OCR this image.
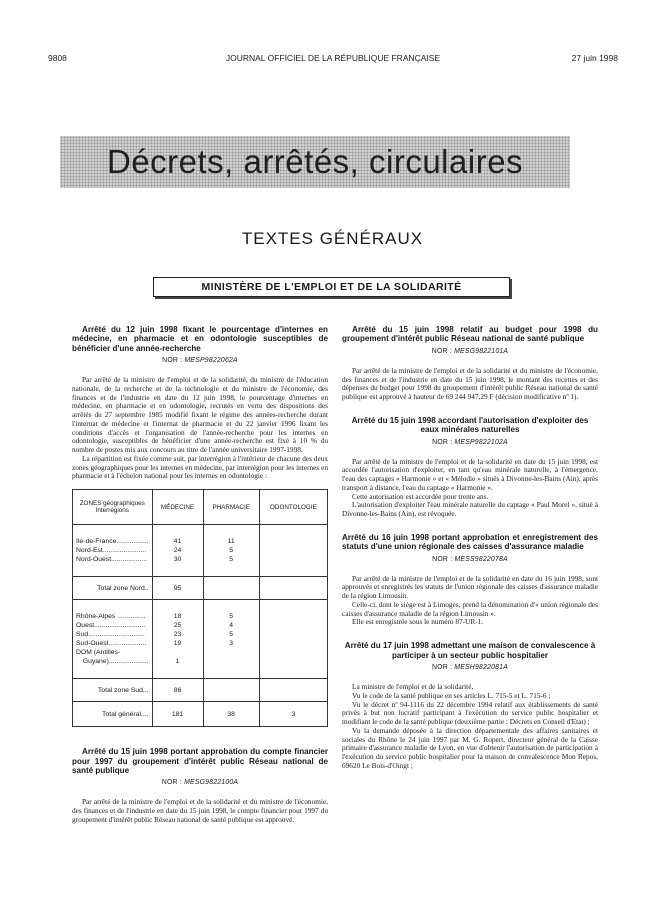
9808	JOURNAL OFFICIEL DE LA RÉPUBLIQUE FRANÇAISE	27 juin 1998
Décrets, arrêtés, circulaires
TEXTES GÉNÉRAUX
MINISTÈRE DE L'EMPLOI ET DE LA SOLIDARITÉ

Arrêté du 12 juin 1998 fixant le pourcentage d'internes en médecine, en pharmacie et en odontologie susceptibles de bénéficier d'une année-recherche

NOR : MESP9822062A

Par arrêté de la ministre de l'emploi et de la solidarité, du ministre de l'éducation nationale, de la recherche et de la technologie et du ministre de l'économie, des finances et de l'industrie en date du 12 juin 1998, le pourcentage d'internes en médecine, en pharmacie et en odontologie, recrutés en vertu des dispositions des arrêtés du 27 septembre 1985 modifié fixant le régime des années-recherche durant l'internat de médecine et l'internat de pharmacie et du 22 janvier 1996 fixant les conditions d'accès et l'organisation de l'année-recherche pour les internes en odontologie, susceptibles de bénéficier d'une année-recherche est fixé à 10 % du nombre de postes mis aux concours au titre de l'année universitaire 1997-1998.

La répartition est fixée comme suit, par interrégion à l'intérieur de chacune des deux zones géographiques pour les internes en médecine, par interrégion pour les internes en pharmacie et à l'échelon national pour les internes en odontologie :

ZONES géographiques Interrégions	MÉDECINE	PHARMACIE	ODONTOLOGIE

Ile-de-France.................	41	11	
Nord-Est.......................	24	5	
Nord-Ouest...................	30	5	

Total zone Nord..	95		

Rhône-Alpes ...............	18	5	
Ouest...........................	25	4	
Sud..............................	23	5	
Sud-Ouest....................	19	3	
DOM (Antilles-			
Guyane).....................	1		

Total zone Sud...	86		
Total général....	181	38	3

Arrêté du 15 juin 1998 portant approbation du compte financier pour 1997 du groupement d'intérêt public Réseau national de santé publique

NOR : MESG9822100A

Par arrêté de la ministre de l'emploi et de la solidarité et du ministre de l'économie, des finances et de l'industrie en date du 15 juin 1998, le compte financier pour 1997 du groupement d'intérêt public Réseau national de santé publique est approuvé.

Arrêté du 15 juin 1998 relatif au budget pour 1998 du groupement d'intérêt public Réseau national de santé publique

NOR : MESG9822101A

Par arrêté de la ministre de l'emploi et de la solidarité et du ministre de l'économie, des finances et de l'industrie en date du 15 juin 1998, le montant des recettes et des dépenses du budget pour 1998 du groupement d'intérêt public Réseau national de santé publique est approuvé à hauteur de 69 244 947,29 F (décision modificative nº 1).

Arrêté du 15 juin 1998 accordant l'autorisation d'exploiter des eaux minérales naturelles

NOR : MESP9822102A

Par arrêté de la ministre de l'emploi et de la solidarité en date du 15 juin 1998, est accordée l'autorisation d'exploiter, en tant qu'eau minérale naturelle, à l'émergence, l'eau des captages « Harmonie » et « Mélodie » situés à Divonne-les-Bains (Ain), après transport à distance, l'eau du captage « Harmonie ».

Cette autorisation est accordée pour trente ans.

L'autorisation d'exploiter l'eau minérale naturelle du captage « Paul Morel », situé à Divonne-les-Bains (Ain), est révoquée.

Arrêté du 16 juin 1998 portant approbation et enregistrement des statuts d'une union régionale des caisses d'assurance maladie

NOR : MESS9822078A

Par arrêté de la ministre de l'emploi et de la solidarité en date du 16 juin 1998, sont approuvés et enregistrés les statuts de l'union régionale des caisses d'assurance maladie de la région Limousin.

Celle-ci, dont le siège est à Limoges, prend la dénomination d'« union régionale des caisses d'assurance maladie de la région Limousin ».

Elle est enregistrée sous le numéro 87-UR-1.

Arrêté du 17 juin 1998 admettant une maison de convalescence à participer à un secteur public hospitalier

NOR : MESH9822081A

La ministre de l'emploi et de la solidarité,

Vu le code de la santé publique en ses articles L. 715-5 et L. 715-6 ;

Vu le décret nº 94-1116 du 22 décembre 1994 relatif aux établissements de santé privés à but non lucratif participant à l'exécution du service public hospitalier et modifiant le code de la santé publique (deuxième partie : Décrets en Conseil d'Etat) ;

Vu la demande déposée à la direction départementale des affaires sanitaires et sociales du Rhône le 24 juin 1997 par M. G. Ropert, directeur général de la Caisse primaire d'assurance maladie de Lyon, en vue d'obtenir l'autorisation de participation à l'exécution du service public hospitalier pour la maison de convalescence Mon Repos, 69620 Le Bois-d'Oingt ;
